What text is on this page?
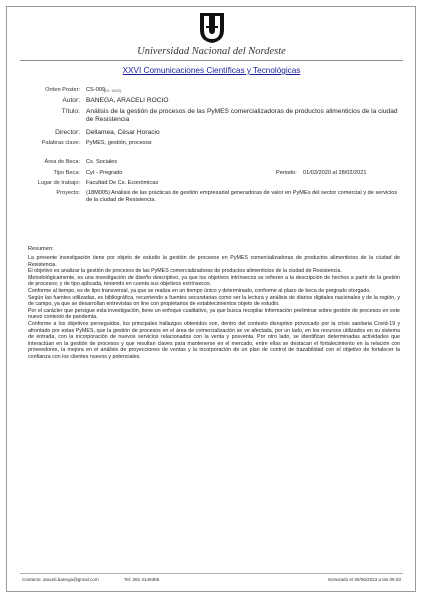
Universidad Nacional del Nordeste
XXVI Comunicaciones Científicas y Tecnológicas
Orden Poster: CS-009 (ID: 1903)
Autor: BANEGA, ARACELI ROCIO
Título: Análisis de la gestión de procesos de las PyMES comercializadoras de productos alimenticios de la ciudad de Resistencia
Director: Dellamea, César Horacio
Palabras clave: PyMES, gestión, procesos
Área de Beca: Cs. Sociales
Tipo Beca: Cyt - Pregrado	Periodo: 01/03/2020 al 28/02/2021
Lugar de trabajo: Facultad De Cs. Económicas
Proyecto: (18M005) Análisis de las prácticas de gestión empresarial generadoras de valor en PyMEs del sector comercial y de servicios de la ciudad de Resistencia.
Resumen:

La presente investigación tiene por objeto de estudio la gestión de procesos en PyMES comercializadoras de productos alimenticios de la ciudad de Resistencia.

El objetivo es analizar la gestión de procesos de las PyMES comercializadoras de productos alimenticios de la ciudad de Resistencia.

Metodológicamente, es una investigación de diseño descriptivo, ya que los objetivos intrínsecos se refieren a la descripción de hechos a partir de la gestión de procesos; y de tipo aplicada, teniendo en cuenta sus objetivos extrínsecos.

Conforme al tiempo, es de tipo transversal, ya que se realiza en un tiempo único y determinado, conforme al plazo de beca de pregrado otorgado.

Según las fuentes utilizadas, es bibliográfica, recurriendo a fuentes secundarias como ser la lectura y análisis de diarios digitales nacionales y de la región, y de campo, ya que se desarrollan entrevistas on line con propietarios de establecimientos objeto de estudio.

Por el carácter que persigue esta investigación, tiene un enfoque cualitativo, ya que busca recopilar información preliminar sobre gestión de procesos en este nuevo contexto de pandemia.

Conforme a los objetivos perseguidos, los principales hallazgos obtenidos son, dentro del contexto disruptivo provocado por la crisis sanitaria Covid-19 y afrontado por estas PyMES, que la gestión de procesos en el área de comercialización se ve afectada, por un lado, en los recursos utilizados en su sistema de entrada, con la incorporación de nuevos servicios relacionados con la venta y posventa. Por otro lado, se identifican determinadas actividades que interactúan en la gestión de procesos y que resultan claves para mantenerse en el mercado, entre ellas se destacan el fortalecimiento en la relación con proveedores, la mejora en el análisis de proyecciones de ventas y la incorporación de un plan de control de trazabilidad con el objetivo de fortalecer la confianza con los clientes nuevos y potenciales.

Contacto: araceli.banega@gmail.com	Tel: 362 4149385	Generado el 30/06/2023 a las 09:33
